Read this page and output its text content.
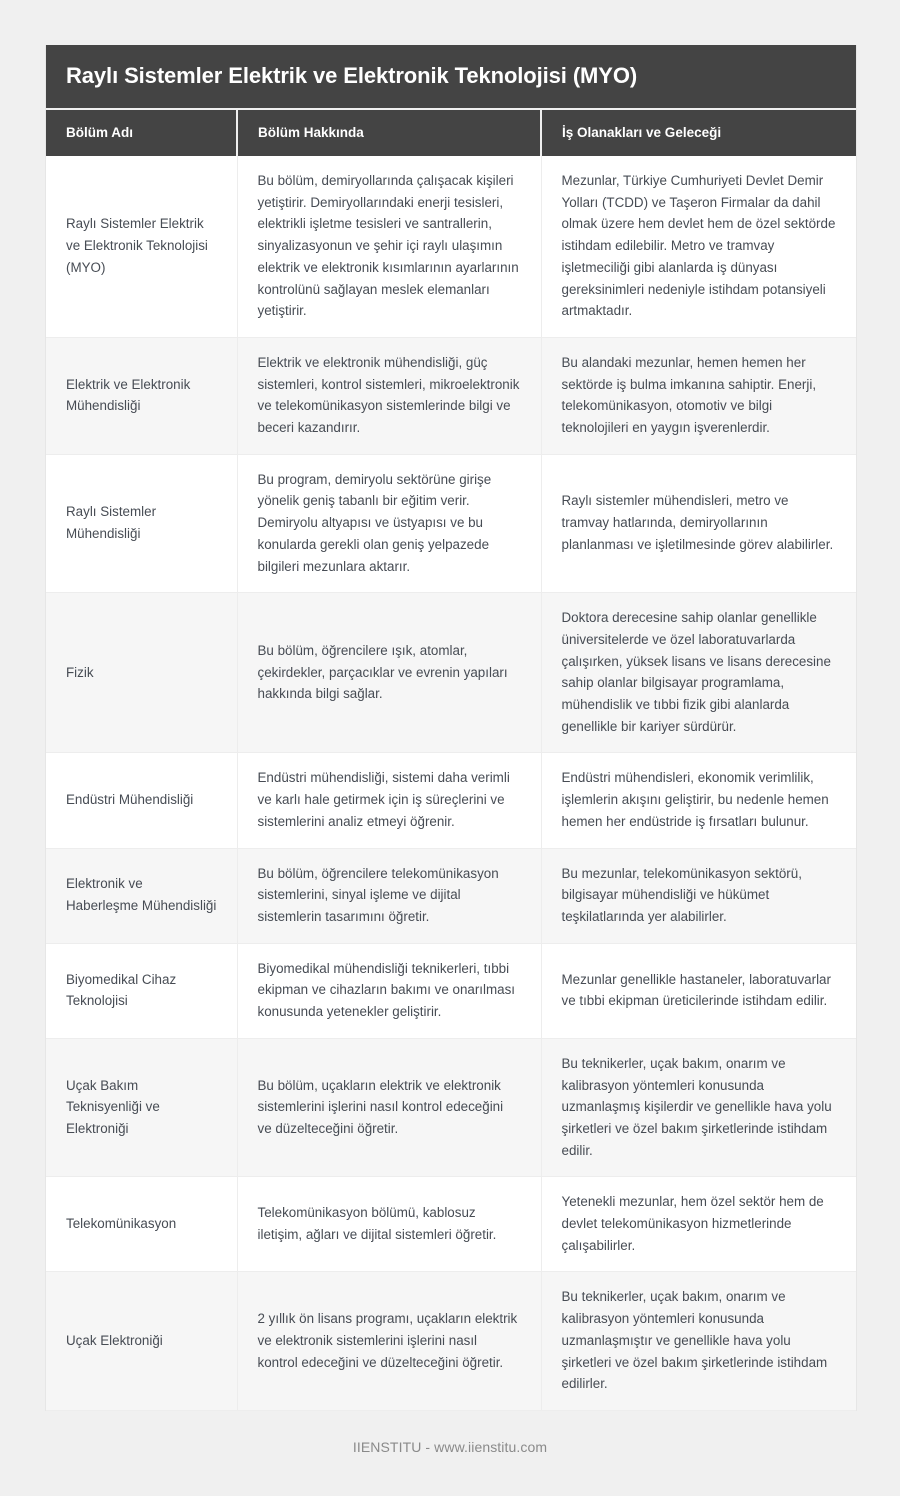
Raylı Sistemler Elektrik ve Elektronik Teknolojisi (MYO)		
Bölüm Adı	Bölüm Hakkında	İş Olanakları ve Geleceği
Raylı Sistemler Elektrik ve Elektronik Teknolojisi (MYO)	Bu bölüm, demiryollarında çalışacak kişileri yetiştirir. Demiryollarındaki enerji tesisleri, elektrikli işletme tesisleri ve santrallerin, sinyalizasyonun ve şehir içi raylı ulaşımın elektrik ve elektronik kısımlarının ayarlarının kontrolünü sağlayan meslek elemanları yetiştirir.	Mezunlar, Türkiye Cumhuriyeti Devlet Demir Yolları (TCDD) ve Taşeron Firmalar da dahil olmak üzere hem devlet hem de özel sektörde istihdam edilebilir. Metro ve tramvay işletmeciliği gibi alanlarda iş dünyası gereksinimleri nedeniyle istihdam potansiyeli artmaktadır.
Elektrik ve Elektronik Mühendisliği	Elektrik ve elektronik mühendisliği, güç sistemleri, kontrol sistemleri, mikroelektronik ve telekomünikasyon sistemlerinde bilgi ve beceri kazandırır.	Bu alandaki mezunlar, hemen hemen her sektörde iş bulma imkanına sahiptir. Enerji, telekomünikasyon, otomotiv ve bilgi teknolojileri en yaygın işverenlerdir.
Raylı Sistemler Mühendisliği	Bu program, demiryolu sektörüne girişe yönelik geniş tabanlı bir eğitim verir. Demiryolu altyapısı ve üstyapısı ve bu konularda gerekli olan geniş yelpazede bilgileri mezunlara aktarır.	Raylı sistemler mühendisleri, metro ve tramvay hatlarında, demiryollarının planlanması ve işletilmesinde görev alabilirler.
Fizik	Bu bölüm, öğrencilere ışık, atomlar, çekirdekler, parçacıklar ve evrenin yapıları hakkında bilgi sağlar.	Doktora derecesine sahip olanlar genellikle üniversitelerde ve özel laboratuvarlarda çalışırken, yüksek lisans ve lisans derecesine sahip olanlar bilgisayar programlama, mühendislik ve tıbbi fizik gibi alanlarda genellikle bir kariyer sürdürür.
Endüstri Mühendisliği	Endüstri mühendisliği, sistemi daha verimli ve karlı hale getirmek için iş süreçlerini ve sistemlerini analiz etmeyi öğrenir.	Endüstri mühendisleri, ekonomik verimlilik, işlemlerin akışını geliştirir, bu nedenle hemen hemen her endüstride iş fırsatları bulunur.
Elektronik ve Haberleşme Mühendisliği	Bu bölüm, öğrencilere telekomünikasyon sistemlerini, sinyal işleme ve dijital sistemlerin tasarımını öğretir.	Bu mezunlar, telekomünikasyon sektörü, bilgisayar mühendisliği ve hükümet teşkilatlarında yer alabilirler.
Biyomedikal Cihaz Teknolojisi	Biyomedikal mühendisliği teknikerleri, tıbbi ekipman ve cihazların bakımı ve onarılması konusunda yetenekler geliştirir.	Mezunlar genellikle hastaneler, laboratuvarlar ve tıbbi ekipman üreticilerinde istihdam edilir.
Uçak Bakım Teknisyenliği ve Elektroniği	Bu bölüm, uçakların elektrik ve elektronik sistemlerini işlerini nasıl kontrol edeceğini ve düzelteceğini öğretir.	Bu teknikerler, uçak bakım, onarım ve kalibrasyon yöntemleri konusunda uzmanlaşmış kişilerdir ve genellikle hava yolu şirketleri ve özel bakım şirketlerinde istihdam edilir.
Telekomünikasyon	Telekomünikasyon bölümü, kablosuz iletişim, ağları ve dijital sistemleri öğretir.	Yetenekli mezunlar, hem özel sektör hem de devlet telekomünikasyon hizmetlerinde çalışabilirler.
Uçak Elektroniği	2 yıllık ön lisans programı, uçakların elektrik ve elektronik sistemlerini işlerini nasıl kontrol edeceğini ve düzelteceğini öğretir.	Bu teknikerler, uçak bakım, onarım ve kalibrasyon yöntemleri konusunda uzmanlaşmıştır ve genellikle hava yolu şirketleri ve özel bakım şirketlerinde istihdam edilirler.
IIENSTITU - www.iienstitu.com
